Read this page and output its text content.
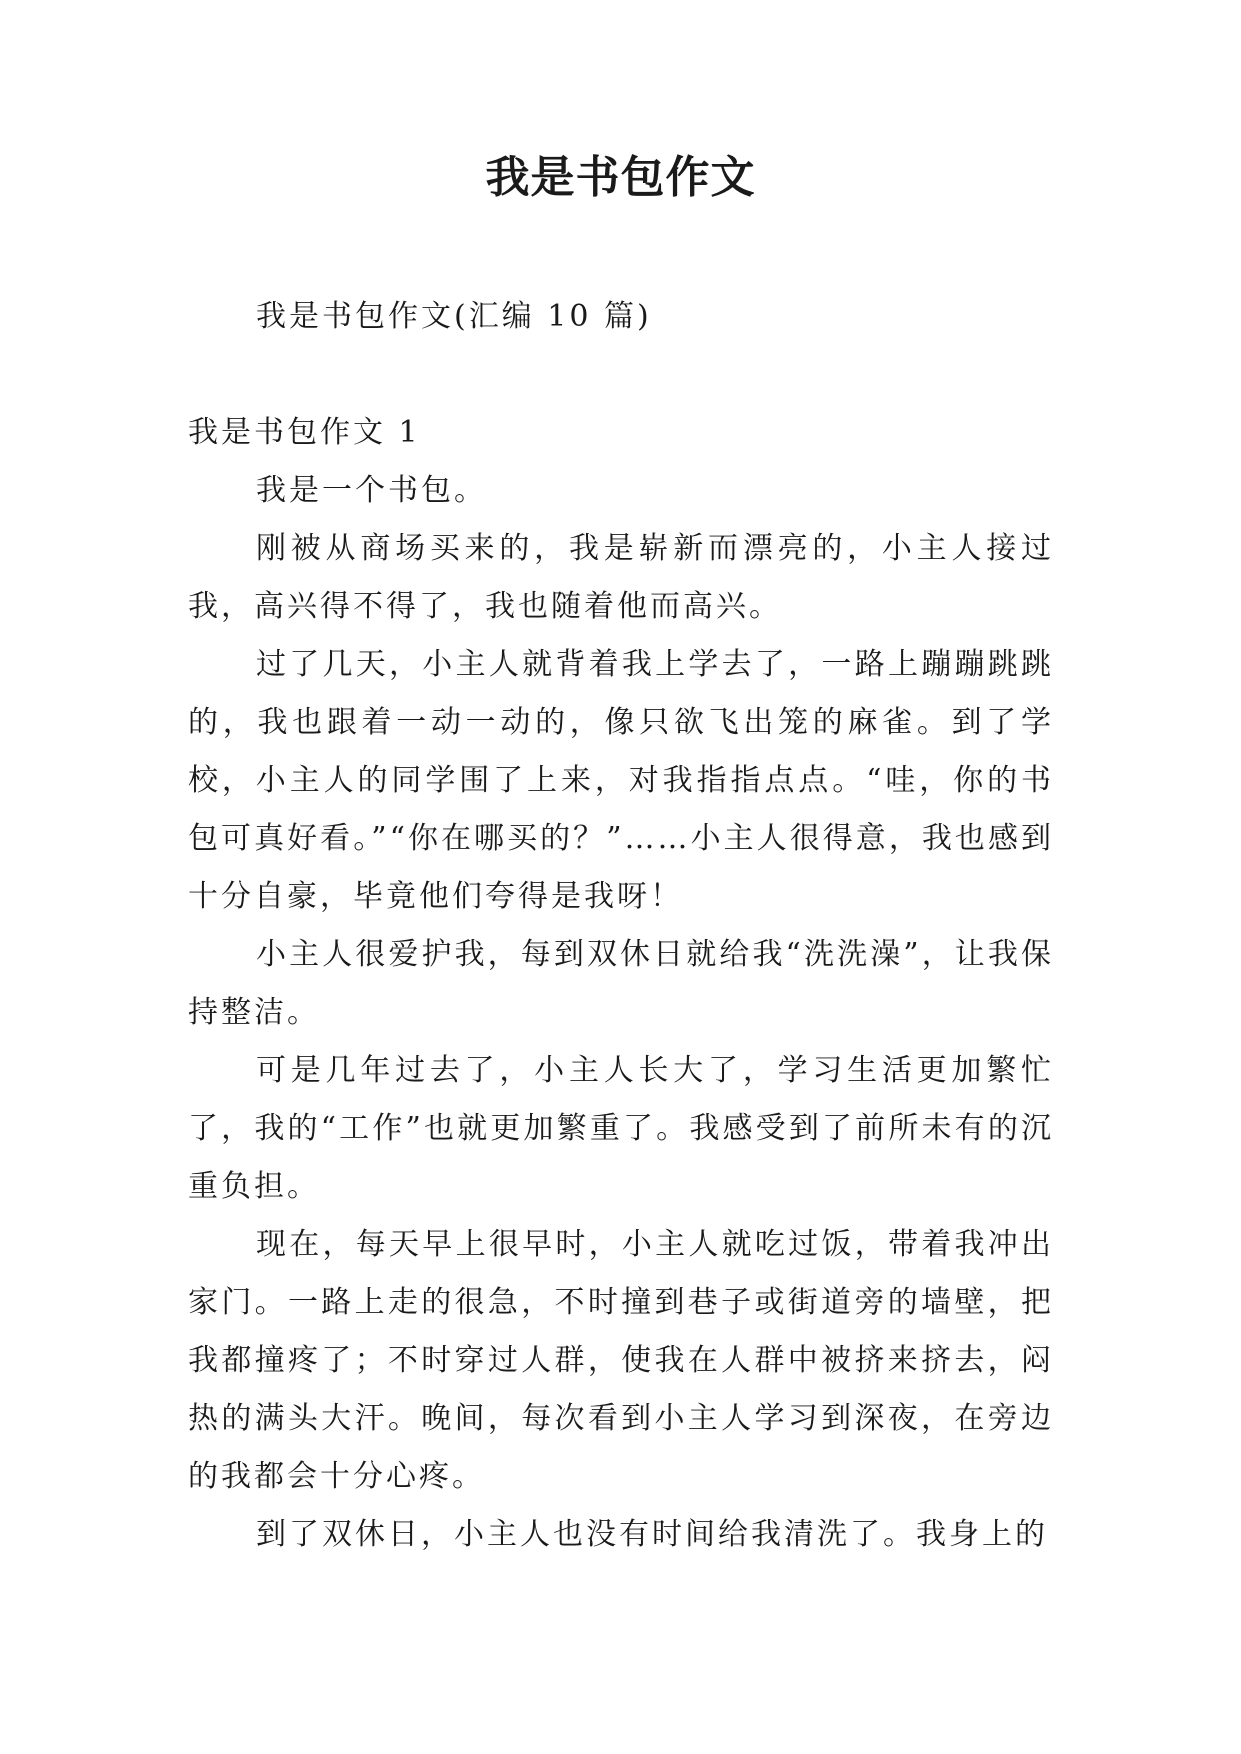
我是书包作文

我是书包作文(汇编 10 篇)

我是书包作文 1

我是一个书包。

刚被从商场买来的，我是崭新而漂亮的，小主人接过我，高兴得不得了，我也随着他而高兴。

过了几天，小主人就背着我上学去了，一路上蹦蹦跳跳的，我也跟着一动一动的，像只欲飞出笼的麻雀。到了学校，小主人的同学围了上来，对我指指点点。“哇，你的书包可真好看。”“你在哪买的？”……小主人很得意，我也感到十分自豪，毕竟他们夸得是我呀！

小主人很爱护我，每到双休日就给我“洗洗澡”，让我保持整洁。

可是几年过去了，小主人长大了，学习生活更加繁忙了，我的“工作”也就更加繁重了。我感受到了前所未有的沉重负担。

现在，每天早上很早时，小主人就吃过饭，带着我冲出家门。一路上走的很急，不时撞到巷子或街道旁的墙壁，把我都撞疼了；不时穿过人群，使我在人群中被挤来挤去，闷热的满头大汗。晚间，每次看到小主人学习到深夜，在旁边的我都会十分心疼。

到了双休日，小主人也没有时间给我清洗了。我身上的
